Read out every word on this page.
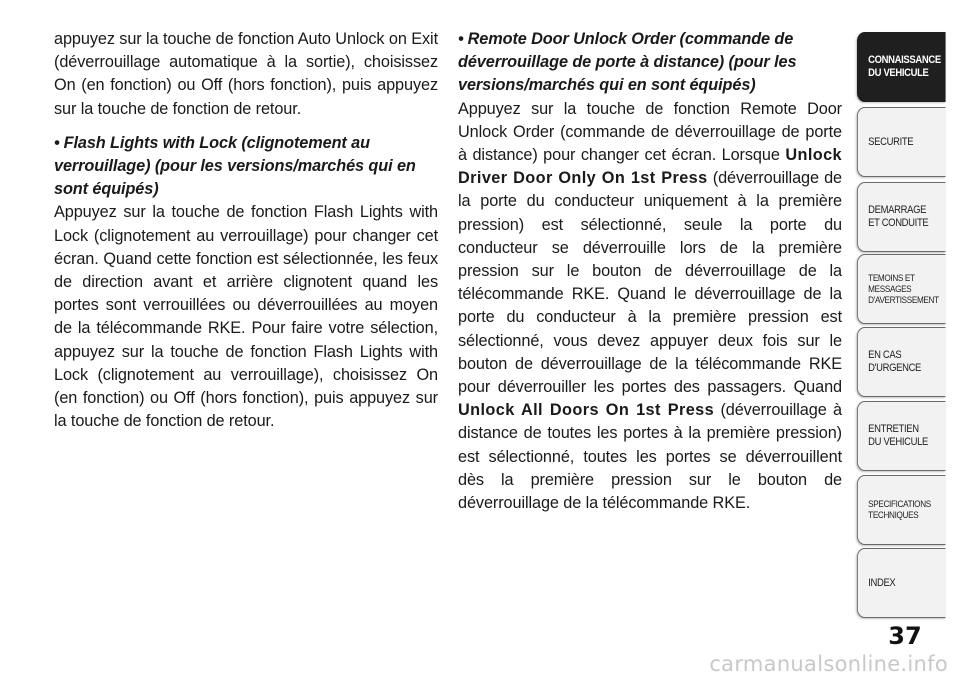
appuyez sur la touche de fonction Auto Unlock on Exit (déverrouillage automatique à la sortie), choisissez On (en fonction) ou Off (hors fonction), puis appuyez sur la touche de fonction de retour.

• Flash Lights with Lock (clignotement au verrouillage) (pour les versions/marchés qui en sont équipés)

Appuyez sur la touche de fonction Flash Lights with Lock (clignotement au verrouillage) pour changer cet écran. Quand cette fonction est sélectionnée, les feux de direction avant et arrière clignotent quand les portes sont verrouillées ou déverrouillées au moyen de la télécommande RKE. Pour faire votre sélection, appuyez sur la touche de fonction Flash Lights with Lock (clignotement au verrouillage), choisissez On (en fonction) ou Off (hors fonction), puis appuyez sur la touche de fonction de retour.

• Remote Door Unlock Order (commande de déverrouillage de porte à distance) (pour les versions/marchés qui en sont équipés)

Appuyez sur la touche de fonction Remote Door Unlock Order (commande de déverrouillage de porte à distance) pour changer cet écran. Lorsque Unlock Driver Door Only On 1st Press (déverrouillage de la porte du conducteur uniquement à la première pression) est sélectionné, seule la porte du conducteur se déverrouille lors de la première pression sur le bouton de déverrouillage de la télécommande RKE. Quand le déverrouillage de la porte du conducteur à la première pression est sélectionné, vous devez appuyer deux fois sur le bouton de déverrouillage de la télécommande RKE pour déverrouiller les portes des passagers. Quand Unlock All Doors On 1st Press (déverrouillage à distance de toutes les portes à la première pression) est sélectionné, toutes les portes se déverrouillent dès la première pression sur le bouton de déverrouillage de la télécommande RKE.

CONNAISSANCE
DU VEHICULE
SECURITE
DEMARRAGE
ET CONDUITE
TEMOINS ET
MESSAGES
D'AVERTISSEMENT
EN CAS
D'URGENCE
ENTRETIEN
DU VEHICULE
SPECIFICATIONS
TECHNIQUES
INDEX
37
carmanualsonline.info
